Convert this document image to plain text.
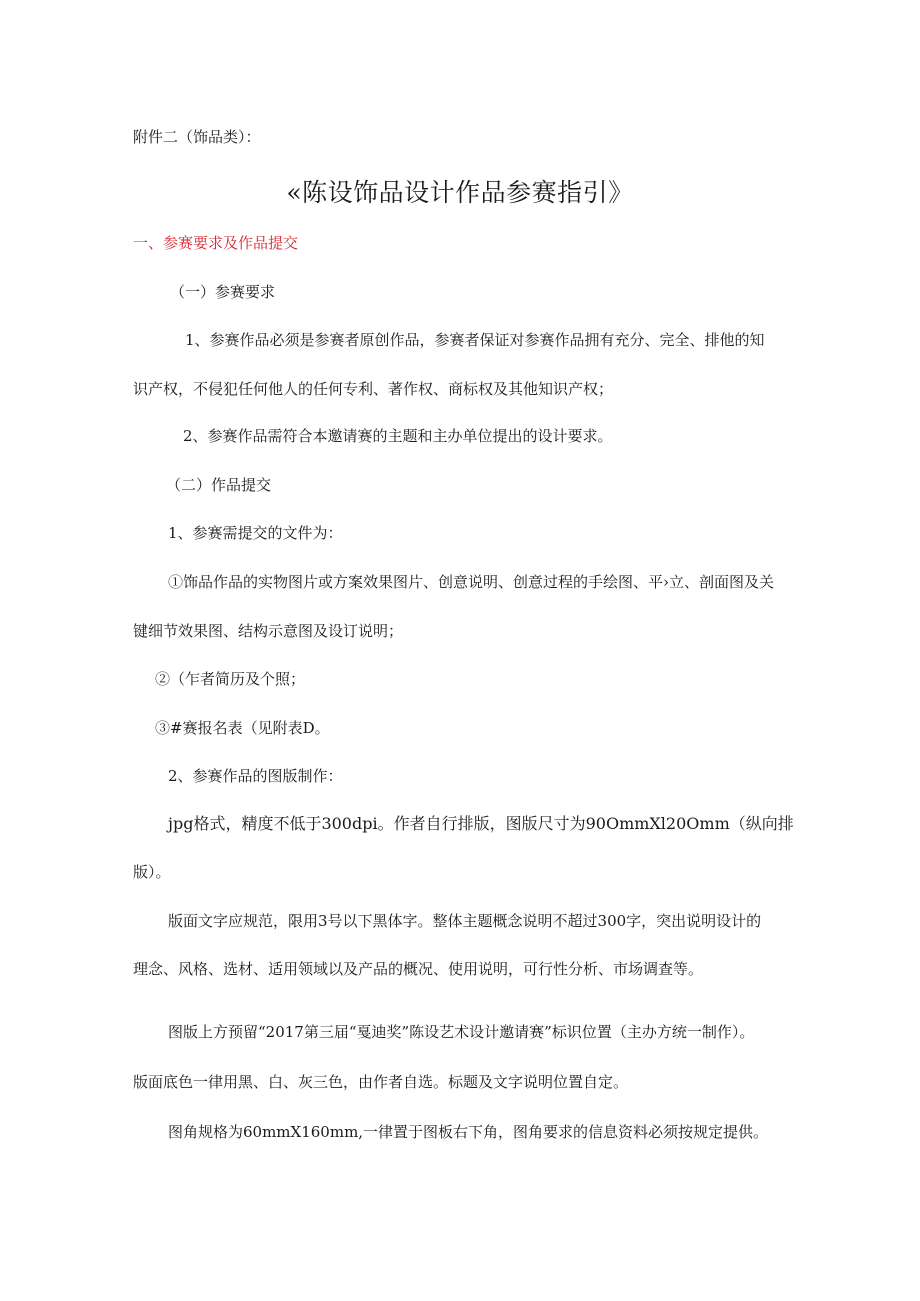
附件二（饰品类）：
«陈设饰品设计作品参赛指引》
一、参赛要求及作品提交
（一）参赛要求
1、参赛作品必须是参赛者原创作品，参赛者保证对参赛作品拥有充分、完全、排他的知
识产权，不侵犯任何他人的任何专利、著作权、商标权及其他知识产权；
2、参赛作品需符合本邀请赛的主题和主办单位提出的设计要求。
（二）作品提交
1、参赛需提交的文件为：
①饰品作品的实物图片或方案效果图片、创意说明、创意过程的手绘图、平›立、剖面图及关
键细节效果图、结构示意图及设订说明；
②（乍者简历及个照；
③#赛报名表（见附表D。
2、参赛作品的图版制作：
jpg格式，精度不低于300dpi。作者自行排版，图版尺寸为90OmmXl20Omm（纵向排
版）。
版面文字应规范，限用3号以下黑体字。整体主题概念说明不超过300字，突出说明设计的
理念、风格、选材、适用领域以及产品的概况、使用说明，可行性分析、市场调查等。
图版上方预留“2017第三届“戛迪奖”陈设艺术设计邀请赛”标识位置（主办方统一制作）。
版面底色一律用黑、白、灰三色，由作者自选。标题及文字说明位置自定。
图角规格为60mmX160mm,一律置于图板右下角，图角要求的信息资料必须按规定提供。
